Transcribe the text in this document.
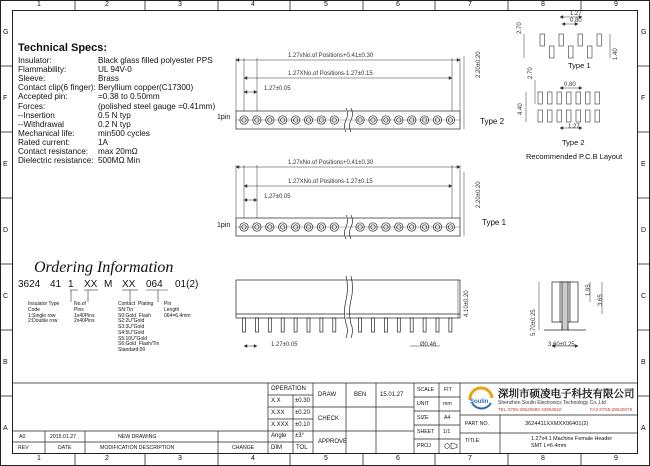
1	2	3	4	5	6	7	8	9
1	2	3	4	5	6	7	8	9
G
F
E
D
C
B
A
G
F
E
D
C
B
A
Technical Specs:
Insulator:	Black glass filled polyester PPS
Flammability:	UL 94V-0
Sleeve:	Brass
Contact clip(6 finger): Beryllium copper(C17300)
Accepted pin:	=0.38 to 0.50mm
Forces:	(polished steel gauge =0.41mm)
--Insertion	0.5 N typ
--Withdrawal	0.2 N typ
Mechanical life:	min500 cycles
Rated current:	1A
Contact resistance: max 20mΩ
Dielectric resistance: 500MΩ Min
Ordering Information
3624 41 1 XX M XX 064 01(2)
Insulator Type
Code
1:Single row
2:Double row
No.of
Pins
1x40Pins
2x40Pins
Contact  Plating
SN:Tin
S0:Gold  Flash
S2:2U"Gold
S3:3U"Gold
S4:5U"Gold
S5:10U"Gold
S6:Gold  Flash/Tin
Standard:00
Pin
Length
064=6.4mm
1.27xNo.of Positions+0.41±0.30
1.27XNo.of Positions-1.27±0.15
1.27±0.05
2.20±0.20
1pin	Type 2
1.27xNo.of Positions+0.41±0.30
1.27XNo.of Positions-1.27±0.15
1.27±0.05	2.20±0.20
1pin	Type 1
1.27±0.05	Ø0.46
4.10±0.20
5.70±0.25
1.95
3.65
3.60±0.25
1.27
0.80
2.70
1.40
Type 1
2.70
0.80
4.40
1.27
Type 2
Recommended P.C.B Layout
OPERATION
X.X ±0.30
X.XX ±0.20
X.XXX ±0.10
Angle ±3°
DIM TOL
DRAW	BEN 15.01.27
CHECK
APPROVE
SCALE FIT
UNIT	mm
SIZE	A4
SHEET 1/1
PROJ
Soulin
深圳市硕凌电子科技有限公司
Shenzhen Soulin Electronics Technology Co.,Ltd
TEL:0755-29520686 33953810	FAX:0755-29520076
PART NO.	3624411XXMXX06401(2)
TITLE:	1.27x4.1 Machine Female Header
SMT L=6.4mm
A0	2015.01.27	NEW DRAWING
REV	DATE	MODIFICATION DESCRIPTION	CHANGE
